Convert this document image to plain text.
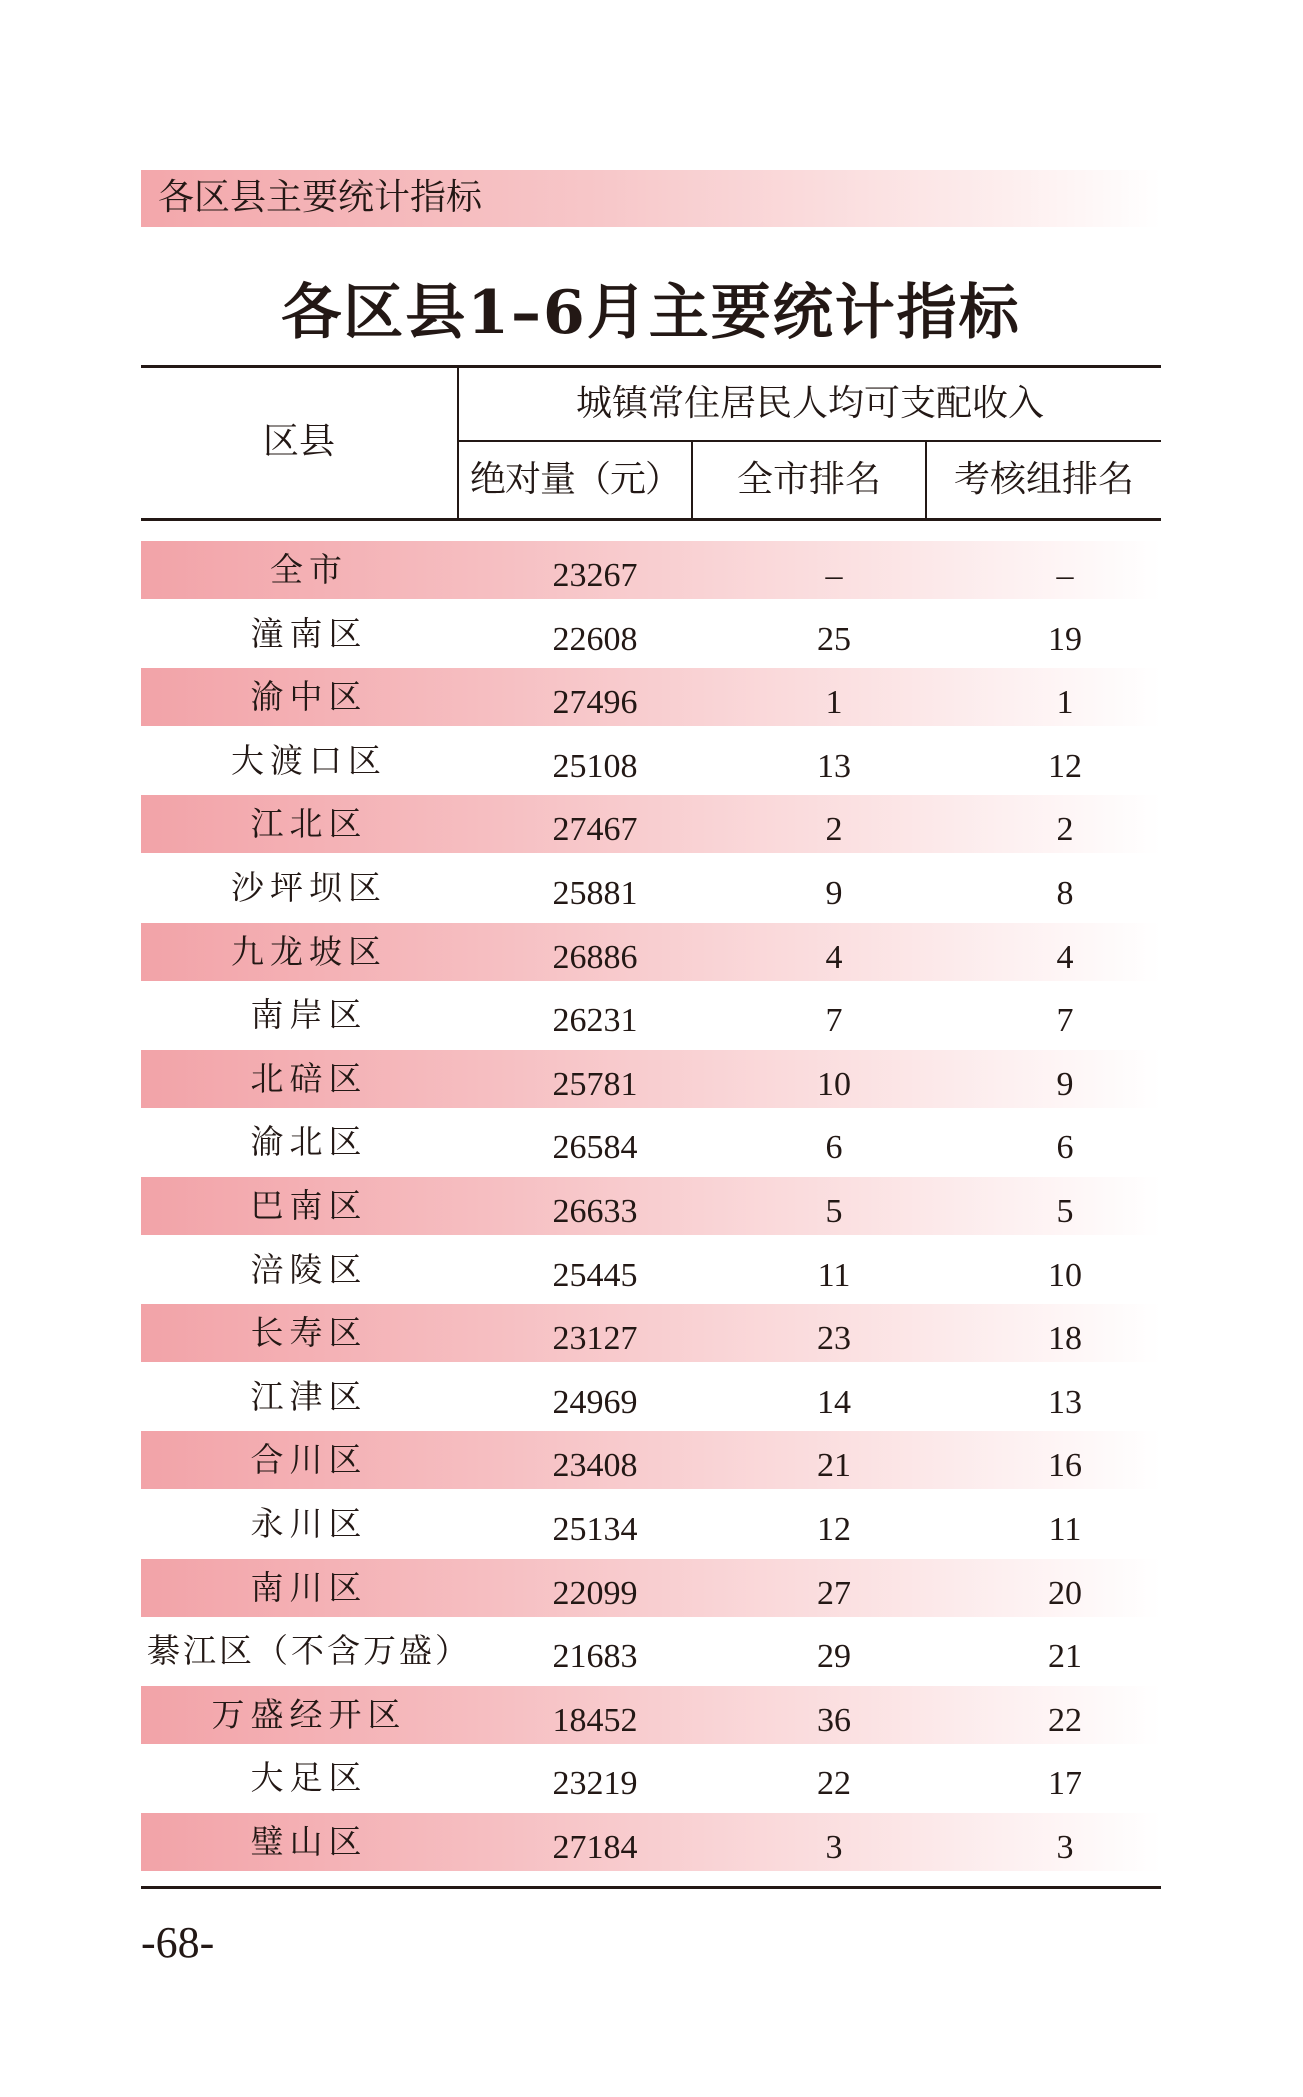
各区县主要统计指标
各区县1–6月主要统计指标
区县
城镇常住居民人均可支配收入
绝对量（元）	全市排名	考核组排名
全市	23267	–	–
潼南区	22608	25	19
渝中区	27496	1	1
大渡口区	25108	13	12
江北区	27467	2	2
沙坪坝区	25881	9	8
九龙坡区	26886	4	4
南岸区	26231	7	7
北碚区	25781	10	9
渝北区	26584	6	6
巴南区	26633	5	5
涪陵区	25445	11	10
长寿区	23127	23	18
江津区	24969	14	13
合川区	23408	21	16
永川区	25134	12	11
南川区	22099	27	20
綦江区（不含万盛）	21683	29	21
万盛经开区	18452	36	22
大足区	23219	22	17
璧山区	27184	3	3
-68-
